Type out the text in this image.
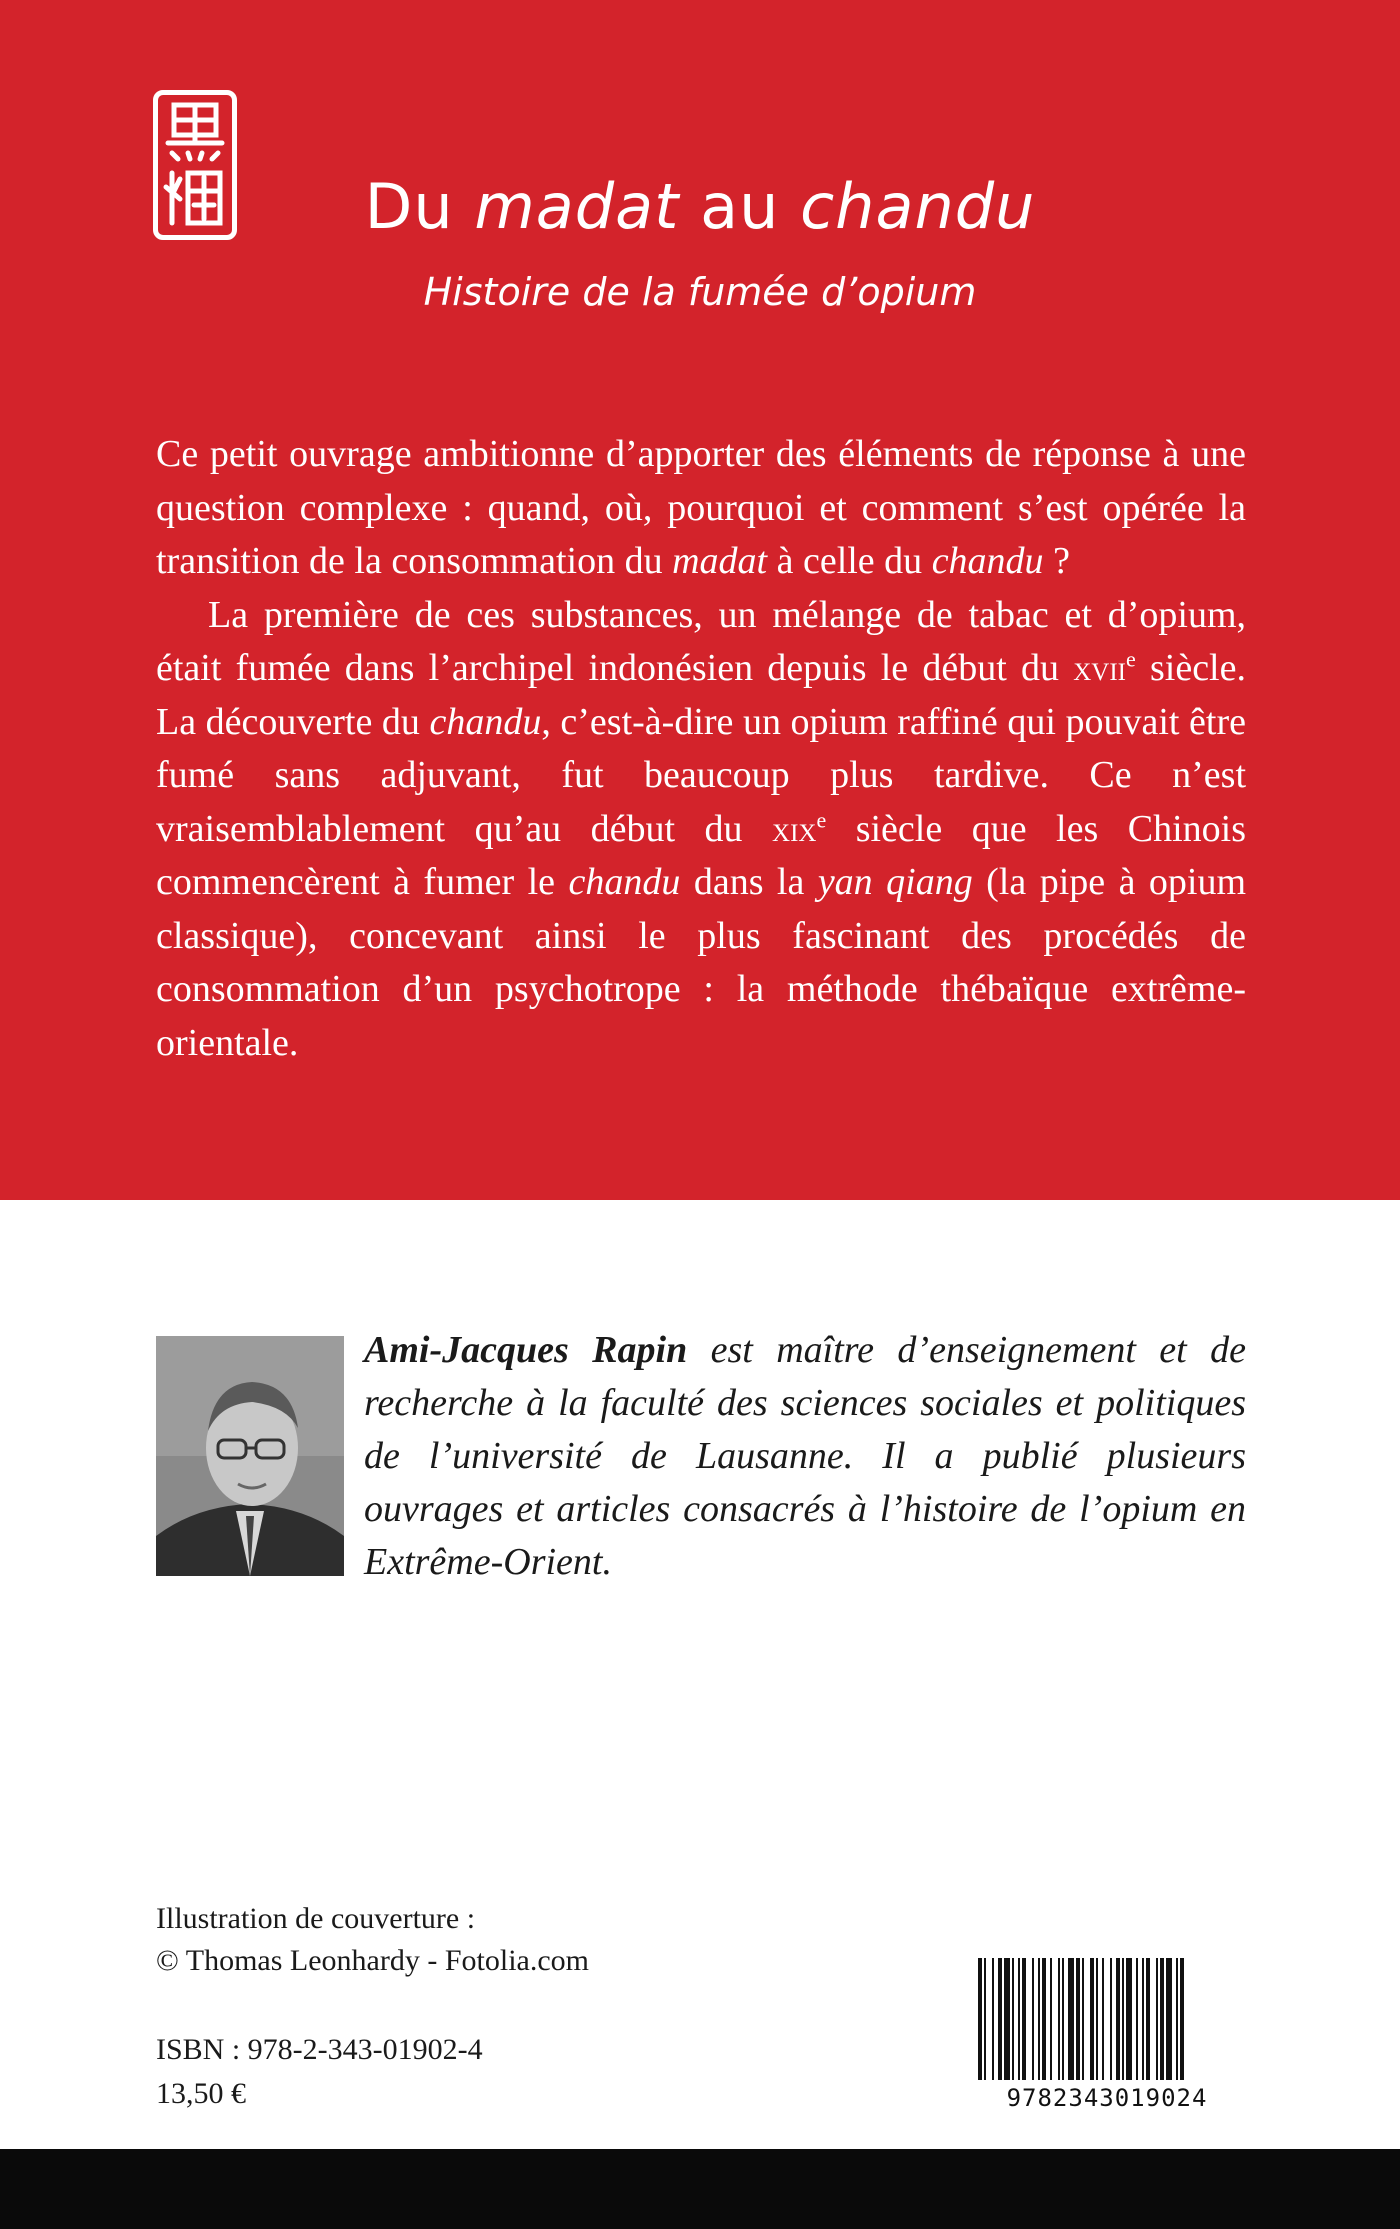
Du madat au chandu
Histoire de la fumée d’opium

Ce petit ouvrage ambitionne d’apporter des éléments de réponse à une question complexe : quand, où, pourquoi et comment s’est opérée la transition de la consommation du madat à celle du chandu ?

La première de ces substances, un mélange de tabac et d’opium, était fumée dans l’archipel indonésien depuis le début du xvii$^e$ siècle. La découverte du chandu, c’est-à-dire un opium raffiné qui pouvait être fumé sans adjuvant, fut beaucoup plus tardive. Ce n’est vraisemblablement qu’au début du xix$^e$ siècle que les Chinois commencèrent à fumer le chandu dans la yan qiang (la pipe à opium classique), concevant ainsi le plus fascinant des procédés de consommation d’un psychotrope : la méthode thébaïque extrême-orientale.

Ami-Jacques Rapin est maître d’enseignement et de recherche à la faculté des sciences sociales et politiques de l’université de Lausanne. Il a publié plusieurs ouvrages et articles consacrés à l’histoire de l’opium en Extrême-Orient.
Illustration de couverture :
© Thomas Leonhardy - Fotolia.com
ISBN : 978-2-343-01902-4
13,50 €	9782343019024
